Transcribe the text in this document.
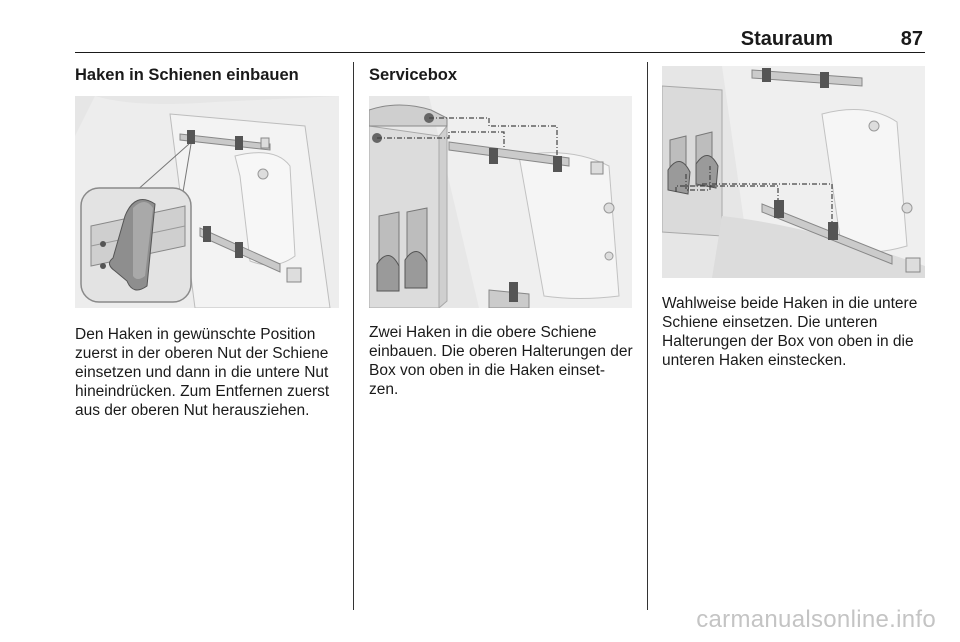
Stauraum	87
Haken in Schienen einbauen
Den Haken in gewünschte Position zuerst in der oberen Nut der Schiene einsetzen und dann in die untere Nut hineindrücken. Zum Entfernen zuerst aus der oberen Nut herausziehen.
Servicebox
Zwei Haken in die obere Schiene einbauen. Die oberen Halterungen der Box von oben in die Haken einset-zen.
Wahlweise beide Haken in die untere Schiene einsetzen. Die unteren Halterungen der Box von oben in die unteren Haken einstecken.
carmanualsonline.info
